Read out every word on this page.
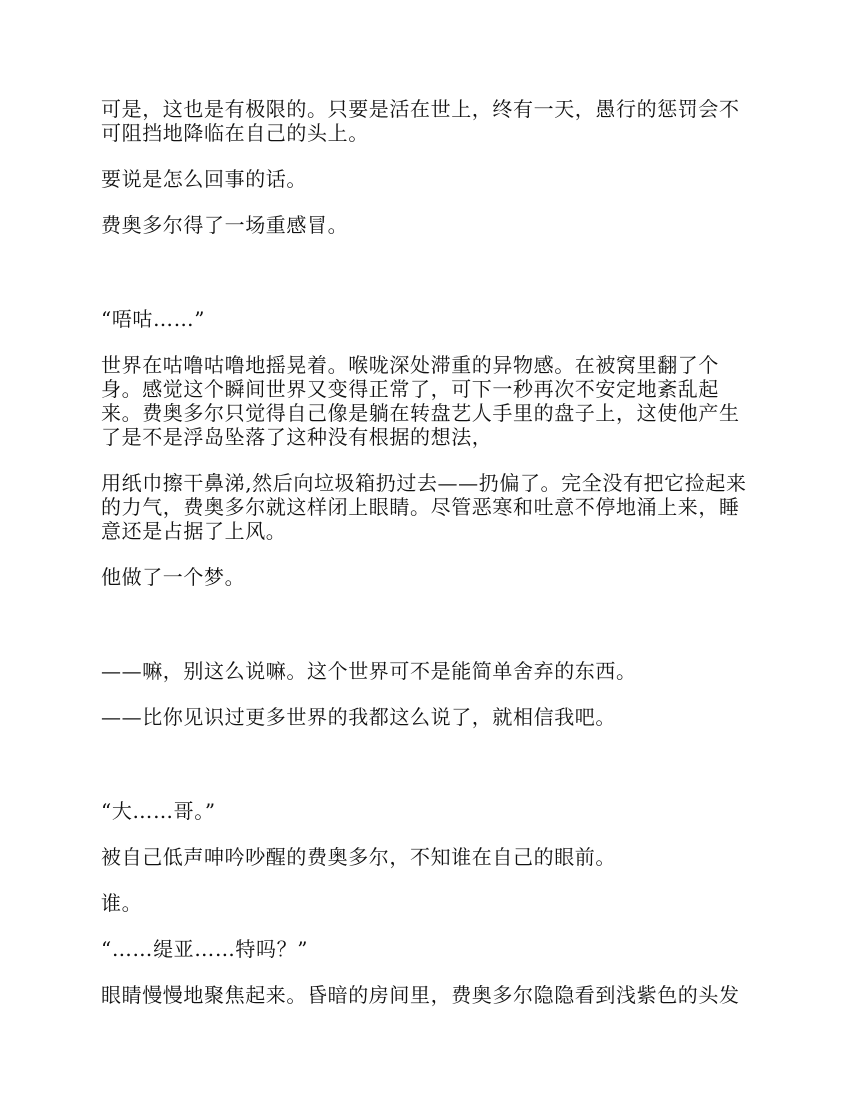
可是，这也是有极限的。只要是活在世上，终有一天，愚行的惩罚会不可阻挡地降临在自己的头上。

要说是怎么回事的话。

费奥多尔得了一场重感冒。

“唔咕……”

世界在咕噜咕噜地摇晃着。喉咙深处滞重的异物感。在被窝里翻了个身。感觉这个瞬间世界又变得正常了，可下一秒再次不安定地紊乱起来。费奥多尔只觉得自己像是躺在转盘艺人手里的盘子上，这使他产生了是不是浮岛坠落了这种没有根据的想法，

用纸巾擦干鼻涕,然后向垃圾箱扔过去——扔偏了。完全没有把它捡起来的力气，费奥多尔就这样闭上眼睛。尽管恶寒和吐意不停地涌上来，睡意还是占据了上风。

他做了一个梦。

——嘛，别这么说嘛。这个世界可不是能简单舍弃的东西。

——比你见识过更多世界的我都这么说了，就相信我吧。

“大……哥。”

被自己低声呻吟吵醒的费奥多尔，不知谁在自己的眼前。

谁。

“……缇亚……特吗？”

眼睛慢慢地聚焦起来。昏暗的房间里，费奥多尔隐隐看到浅紫色的头发
